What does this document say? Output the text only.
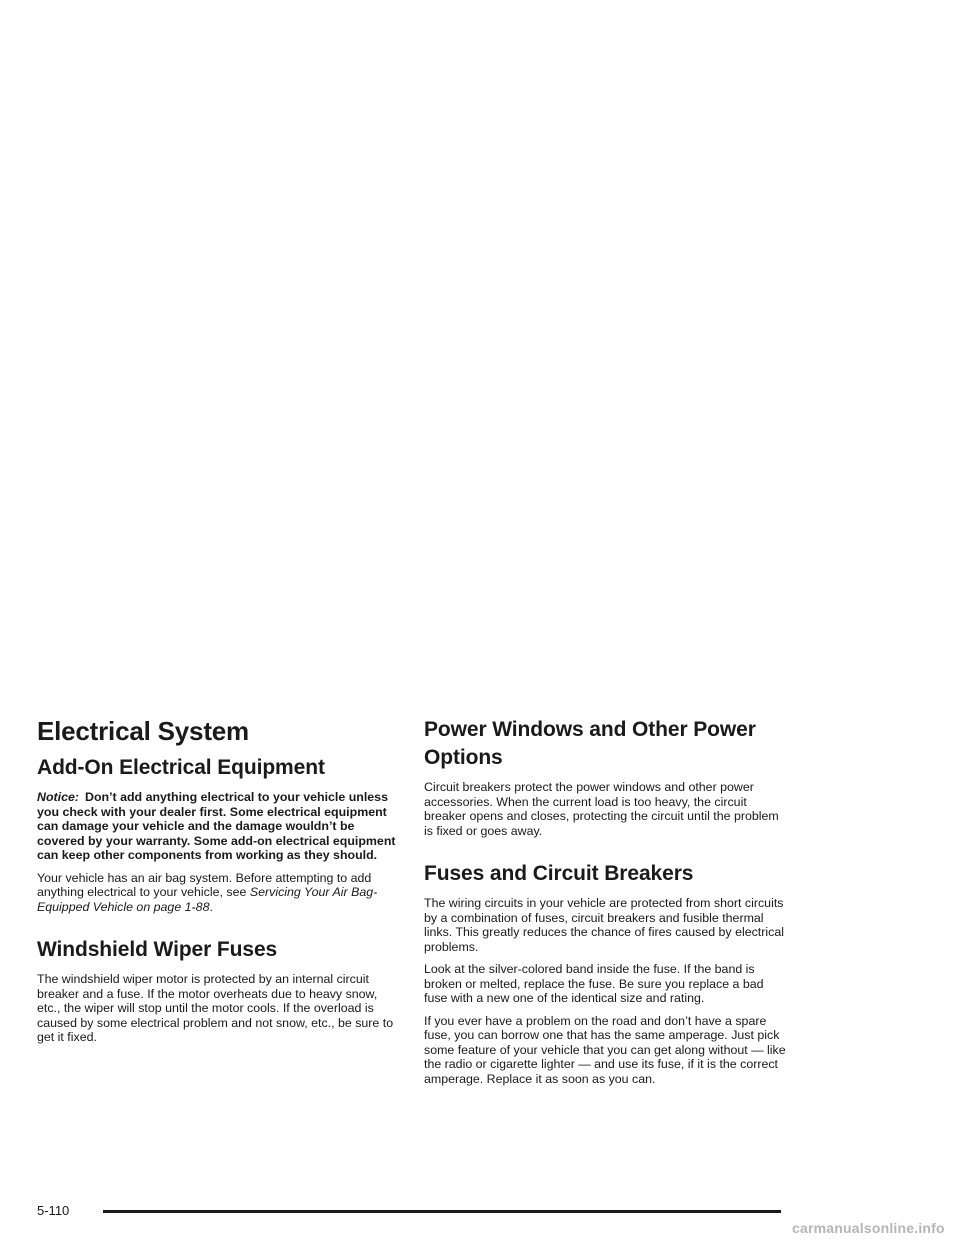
Electrical System
Add-On Electrical Equipment

Notice: Don’t add anything electrical to your vehicle unless you check with your dealer first. Some electrical equipment can damage your vehicle and the damage wouldn’t be covered by your warranty. Some add-on electrical equipment can keep other components from working as they should.

Your vehicle has an air bag system. Before attempting to add anything electrical to your vehicle, see Servicing Your Air Bag-Equipped Vehicle on page 1-88.

Windshield Wiper Fuses

The windshield wiper motor is protected by an internal circuit breaker and a fuse. If the motor overheats due to heavy snow, etc., the wiper will stop until the motor cools. If the overload is caused by some electrical problem and not snow, etc., be sure to get it fixed.

Power Windows and Other Power Options

Circuit breakers protect the power windows and other power accessories. When the current load is too heavy, the circuit breaker opens and closes, protecting the circuit until the problem is fixed or goes away.

Fuses and Circuit Breakers

The wiring circuits in your vehicle are protected from short circuits by a combination of fuses, circuit breakers and fusible thermal links. This greatly reduces the chance of fires caused by electrical problems.

Look at the silver-colored band inside the fuse. If the band is broken or melted, replace the fuse. Be sure you replace a bad fuse with a new one of the identical size and rating.

If you ever have a problem on the road and don’t have a spare fuse, you can borrow one that has the same amperage. Just pick some feature of your vehicle that you can get along without — like the radio or cigarette lighter — and use its fuse, if it is the correct amperage. Replace it as soon as you can.

5-110
carmanualsonline.info
